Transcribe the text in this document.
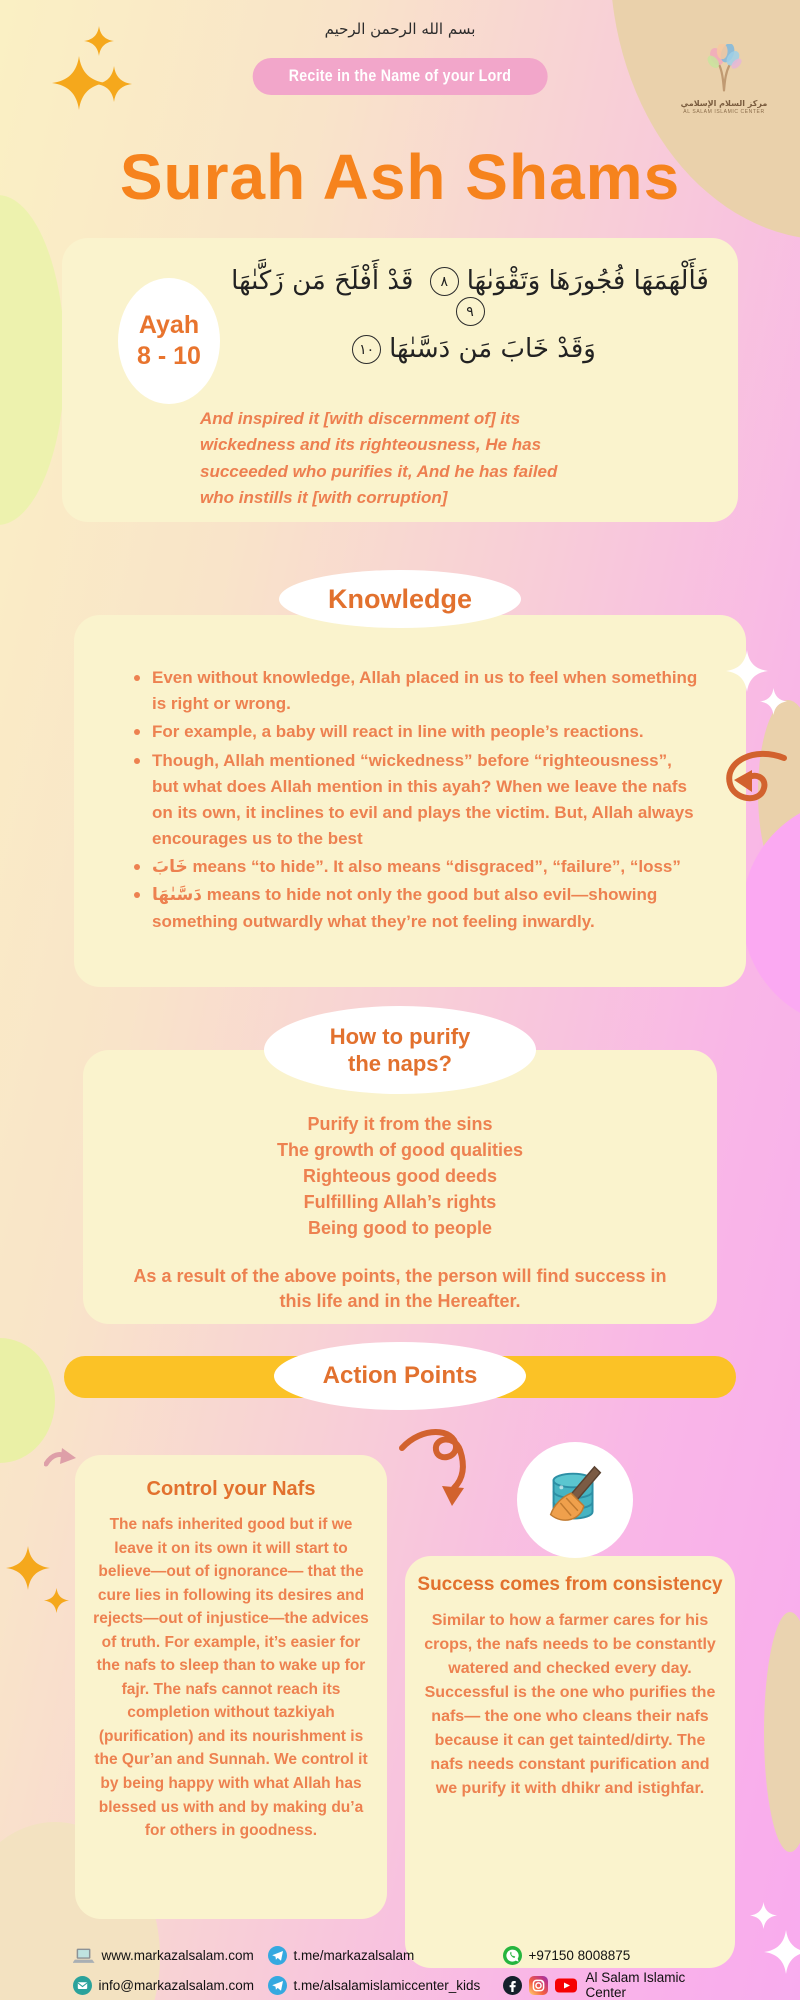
بسم الله الرحمن الرحيم
Recite in the Name of your Lord
مركز السلام الإسلامي
AL SALAM ISLAMIC CENTER
Surah Ash Shams
Ayah
8 - 10
فَأَلْهَمَهَا فُجُورَهَا وَتَقْوَىٰهَا٨ قَدْ أَفْلَحَ مَن زَكَّىٰهَا٩
وَقَدْ خَابَ مَن دَسَّىٰهَا١٠
And inspired it [with discernment of] its wickedness and its righteousness, He has succeeded who purifies it, And he has failed who instills it [with corruption]
Even without knowledge, Allah placed in us to feel when something is right or wrong.
For example, a baby will react in line with people’s reactions.
Though, Allah mentioned “wickedness” before “righteousness”, but what does Allah mention in this ayah? When we leave the nafs on its own, it inclines to evil and plays the victim. But, Allah always encourages us to the best
خَابَ means “to hide”. It also means “disgraced”, “failure”, “loss”
دَسَّىٰهَا means to hide not only the good but also evil—showing something outwardly what they’re not feeling inwardly.
Knowledge
Purify it from the sins
The growth of good qualities
Righteous good deeds
Fulfilling Allah’s rights
Being good to people
As a result of the above points, the person will find success in this life and in the Hereafter.
How to purify
the naps?
Action Points
Control your Nafs
The nafs inherited good but if we leave it on its own it will start to believe—out of ignorance— that the cure lies in following its desires and rejects—out of injustice—the advices of truth. For example, it’s easier for the nafs to sleep than to wake up for fajr. The nafs cannot reach its completion without tazkiyah (purification) and its nourishment is the Qur’an and Sunnah. We control it by being happy with what Allah has blessed us with and by making du’a for others in goodness.
Success comes from consistency
Similar to how a farmer cares for his crops, the nafs needs to be constantly watered and checked every day. Successful is the one who purifies the nafs— the one who cleans their nafs because it can get tainted/dirty. The nafs needs constant purification and we purify it with dhikr and istighfar.
www.markazalsalam.com	t.me/markazalsalam	+97150 8008875
info@markazalsalam.com	t.me/alsalamislamiccenter_kids	Al Salam Islamic Center
